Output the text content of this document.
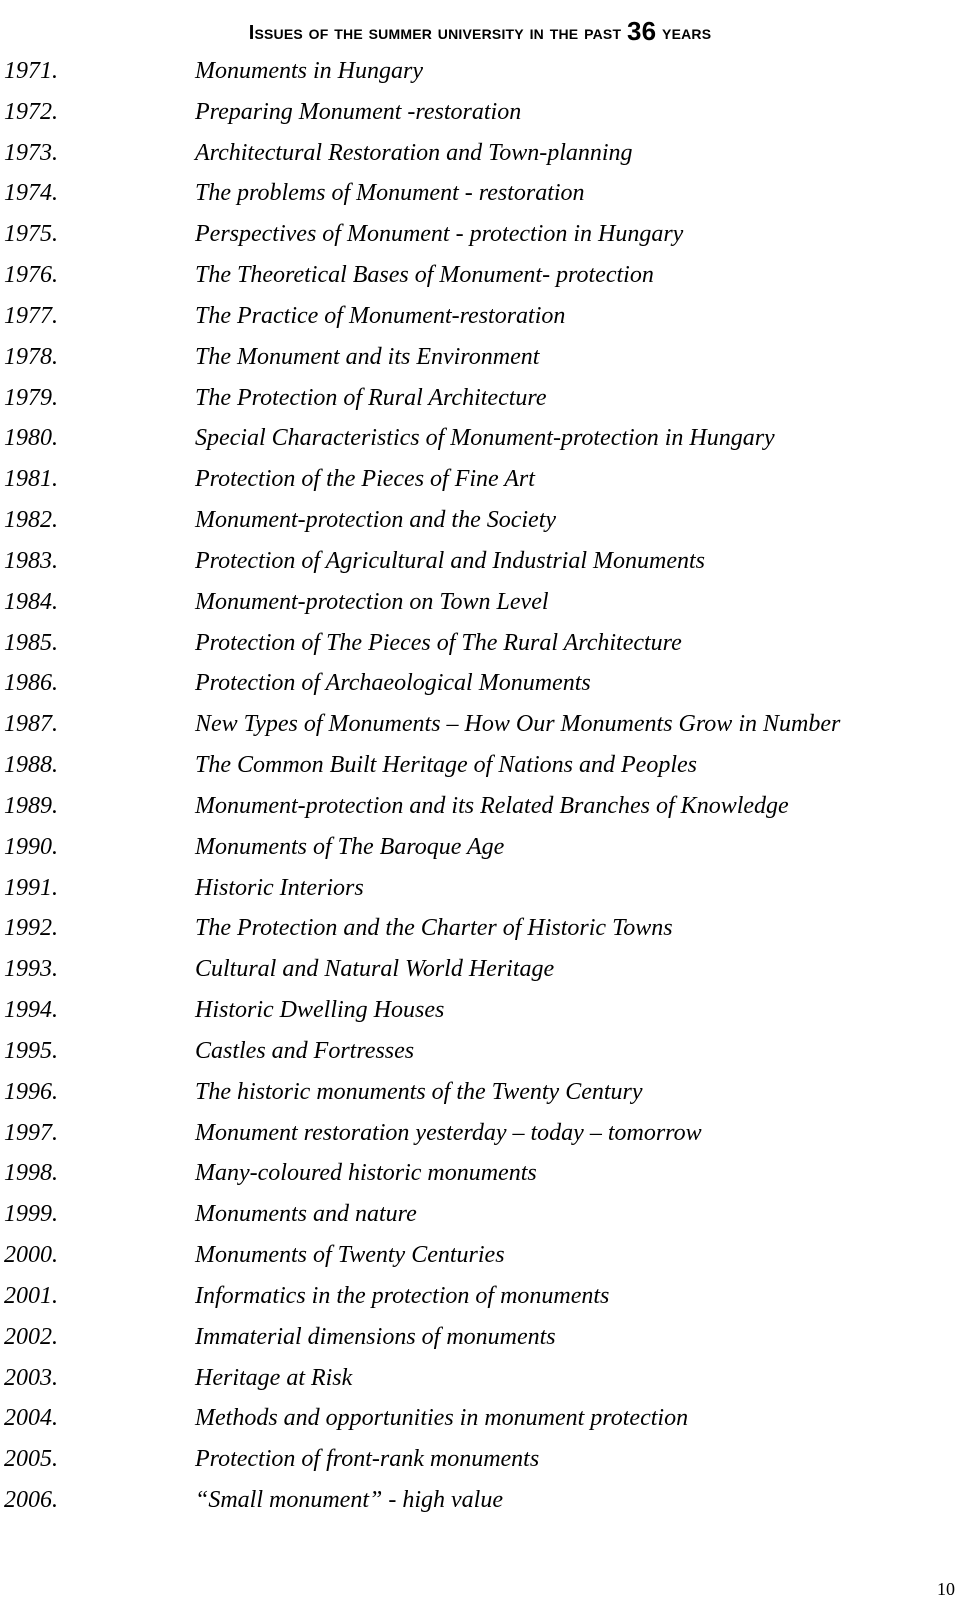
Issues of the summer university in the past 36 years
1971.	Monuments in Hungary
1972.	Preparing Monument -restoration
1973.	Architectural Restoration and Town-planning
1974.	The problems of Monument - restoration
1975.	Perspectives of Monument - protection in Hungary
1976.	The Theoretical Bases of Monument- protection
1977.	The Practice of Monument-restoration
1978.	The Monument and its Environment
1979.	The Protection of Rural Architecture
1980.	Special Characteristics of Monument-protection in Hungary
1981.	Protection of the Pieces of Fine Art
1982.	Monument-protection and the Society
1983.	Protection of Agricultural and Industrial Monuments
1984.	Monument-protection on Town Level
1985.	Protection of The Pieces of The Rural Architecture
1986.	Protection of Archaeological Monuments
1987.	New Types of Monuments – How Our Monuments Grow in Number
1988.	The Common Built Heritage of Nations and Peoples
1989.	Monument-protection and its Related Branches of Knowledge
1990.	Monuments of The Baroque Age
1991.	Historic Interiors
1992.	The Protection and the Charter of Historic Towns
1993.	Cultural and Natural World Heritage
1994.	Historic Dwelling Houses
1995.	Castles and Fortresses
1996.	The historic monuments of the Twenty Century
1997.	Monument restoration yesterday – today – tomorrow
1998.	Many-coloured historic monuments
1999.	Monuments and nature
2000.	Monuments of Twenty Centuries
2001.	Informatics in the protection of monuments
2002.	Immaterial dimensions of monuments
2003.	Heritage at Risk
2004.	Methods and opportunities in monument protection
2005.	Protection of front-rank monuments
2006.	“Small monument” - high value
10
